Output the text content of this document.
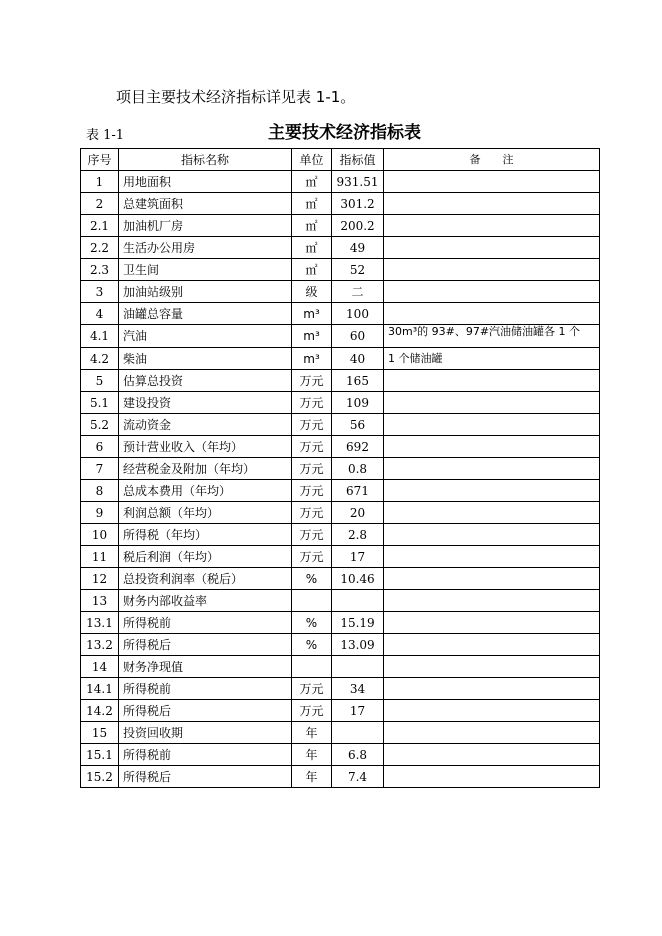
项目主要技术经济指标详见表 1-1。
表 1-1	主要技术经济指标表
序号	指标名称	单位	指标值	备　　注
1	用地面积	㎡	931.51	
2	总建筑面积	㎡	301.2	
2.1	加油机厂房	㎡	200.2	
2.2	生活办公用房	㎡	49	
2.3	卫生间	㎡	52	
3	加油站级别	级	二	
4	油罐总容量	m³	100	
4.1	汽油	m³	60	30m³的 93#、97#汽油储油罐各 1 个
4.2	柴油	m³	40	1 个储油罐
5	估算总投资	万元	165	
5.1	建设投资	万元	109	
5.2	流动资金	万元	56	
6	预计营业收入（年均）	万元	692	
7	经营税金及附加（年均）	万元	0.8	
8	总成本费用（年均）	万元	671	
9	利润总额（年均）	万元	20	
10	所得税（年均）	万元	2.8	
11	税后利润（年均）	万元	17	
12	总投资利润率（税后）	%	10.46	
13	财务内部收益率			
13.1	所得税前	%	15.19	
13.2	所得税后	%	13.09	
14	财务净现值			
14.1	所得税前	万元	34	
14.2	所得税后	万元	17	
15	投资回收期	年		
15.1	所得税前	年	6.8	
15.2	所得税后	年	7.4	
